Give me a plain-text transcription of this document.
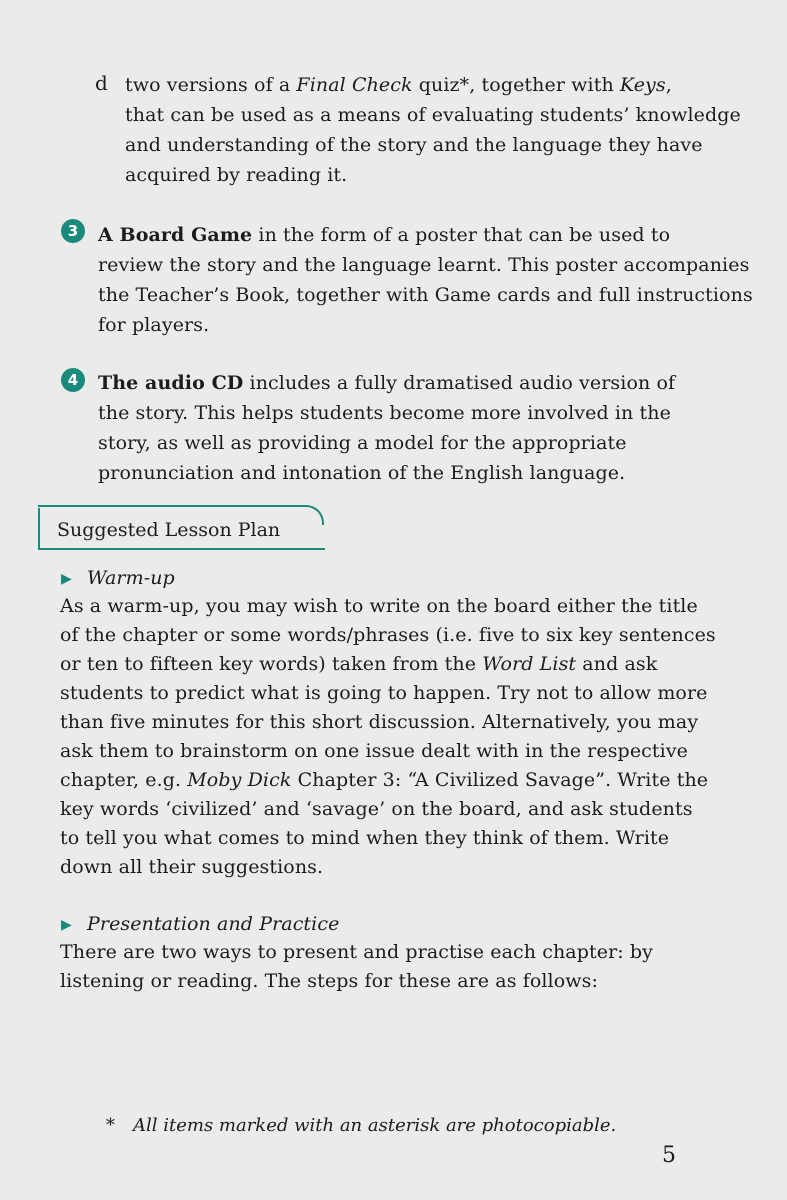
d two versions of a Final Check quiz*, together with Keys,
that can be used as a means of evaluating students’ knowledge
and understanding of the story and the language they have
acquired by reading it.
3	A Board Game in the form of a poster that can be used to
review the story and the language learnt. This poster accompanies
the Teacher’s Book, together with Game cards and full instructions
for players.
4	The audio CD includes a fully dramatised audio version of
the story. This helps students become more involved in the
story, as well as providing a model for the appropriate
pronunciation and intonation of the English language.
Suggested Lesson Plan
▶ Warm-up
As a warm-up, you may wish to write on the board either the title
of the chapter or some words/phrases (i.e. five to six key sentences
or ten to fifteen key words) taken from the Word List and ask
students to predict what is going to happen. Try not to allow more
than five minutes for this short discussion. Alternatively, you may
ask them to brainstorm on one issue dealt with in the respective
chapter, e.g. Moby Dick Chapter 3: “A Civilized Savage”. Write the
key words ‘civilized’ and ‘savage’ on the board, and ask students
to tell you what comes to mind when they think of them. Write
down all their suggestions.
▶ Presentation and Practice
There are two ways to present and practise each chapter: by
listening or reading. The steps for these are as follows:
* All items marked with an asterisk are photocopiable.
5
